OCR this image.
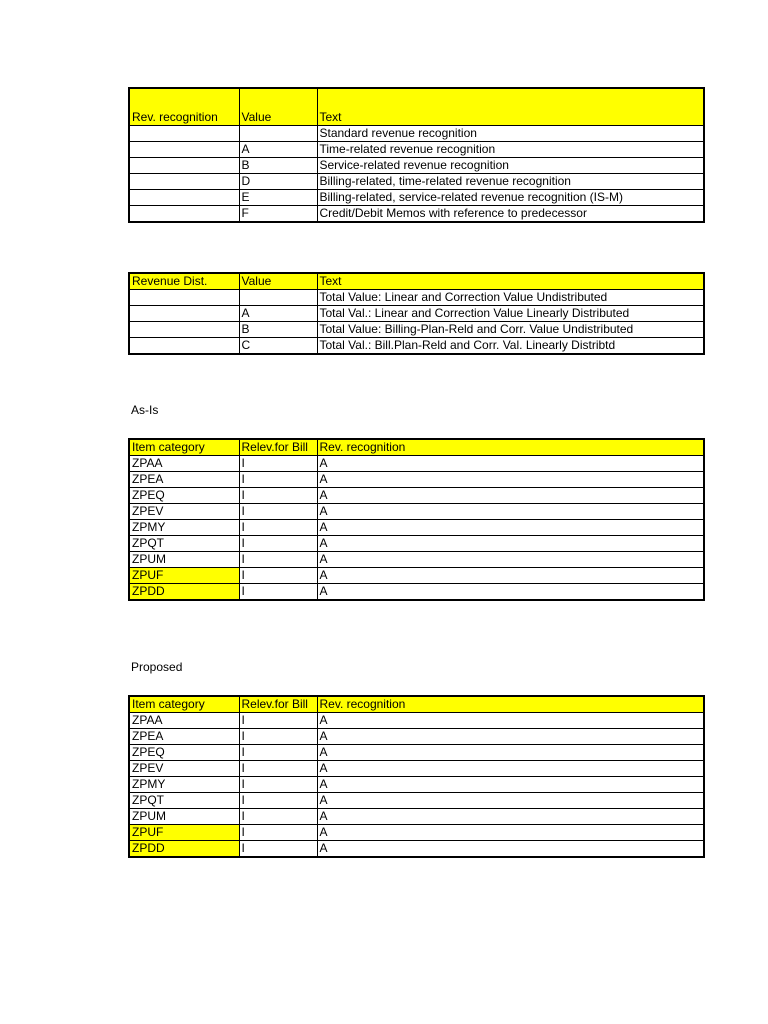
Rev. recognition	Value	Text
		Standard revenue recognition
	A	Time-related revenue recognition
	B	Service-related revenue recognition
	D	Billing-related, time-related revenue recognition
	E	Billing-related, service-related revenue recognition (IS-M)
	F	Credit/Debit Memos with reference to predecessor
Revenue Dist.	Value	Text
		Total Value: Linear and Correction Value Undistributed
	A	Total Val.: Linear and Correction Value Linearly Distributed
	B	Total Value: Billing-Plan-Reld and Corr. Value Undistributed
	C	Total Val.: Bill.Plan-Reld and Corr. Val. Linearly Distribtd
As-Is
Item category	Relev.for Bill	Rev. recognition
ZPAA	I	A
ZPEA	I	A
ZPEQ	I	A
ZPEV	I	A
ZPMY	I	A
ZPQT	I	A
ZPUM	I	A
ZPUF	I	A
ZPDD	I	A
Proposed
Item category	Relev.for Bill	Rev. recognition
ZPAA	I	A
ZPEA	I	A
ZPEQ	I	A
ZPEV	I	A
ZPMY	I	A
ZPQT	I	A
ZPUM	I	A
ZPUF	I	A
ZPDD	I	A
